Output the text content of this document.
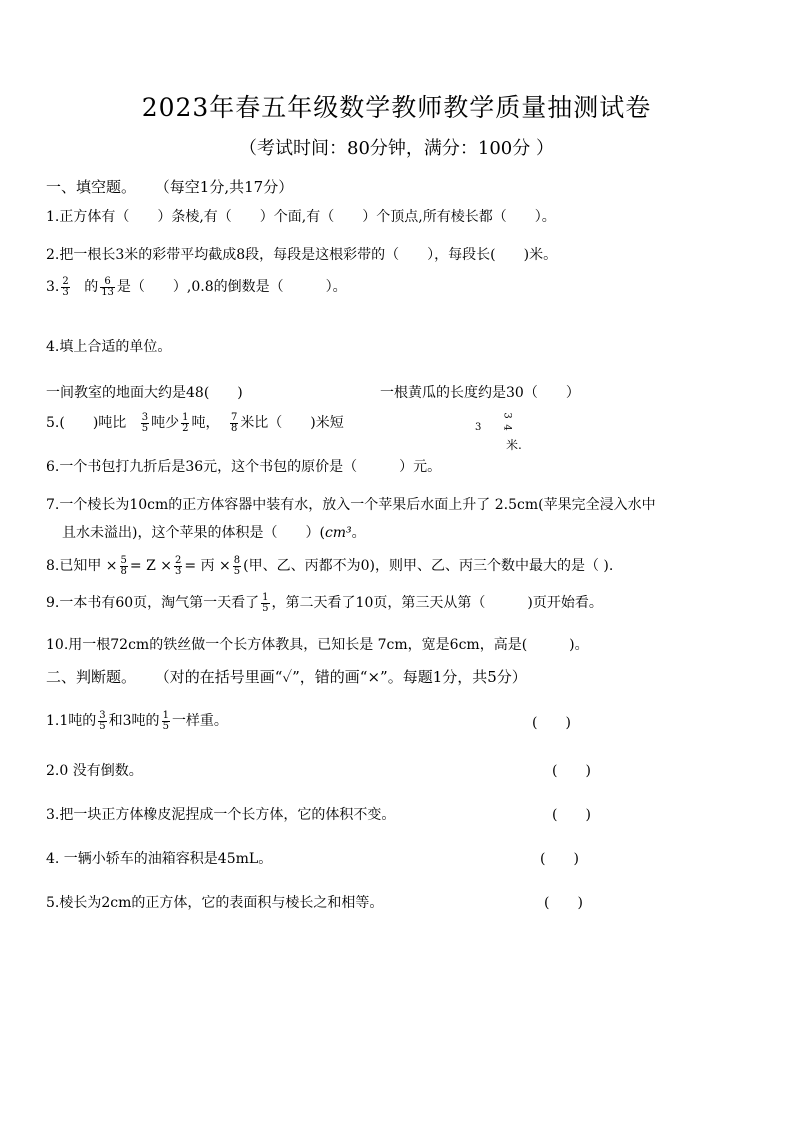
2023年春五年级数学教师教学质量抽测试卷
（考试时间：80分钟，满分：100分 ）
一、填空题。 （每空1分,共17分）
1.正方体有（　　）条棱,有（　　）个面,有（　　）个顶点,所有棱长都（　　）。
2.把一根长3米的彩带平均截成8段，每段是这根彩带的（　　），每段长(　　)米。
3. $\frac{2}{3}$ 的 $\frac{6}{13}$ 是（　　）,0.8的倒数是（　　　）。
4.填上合适的单位。
一间教室的地面大约是48(　　)	一根黄瓜的长度约是30（　　）
5.(　　)吨比 $\frac{3}{5}$ 吨少 $\frac{1}{2}$ 吨， $\frac{7}{8}$ 米比（　　)米短	3
3
4
米.
6.一个书包打九折后是36元，这个书包的原价是（　　　）元。
7.一个棱长为10cm的正方体容器中装有水，放入一个苹果后水面上升了 2.5cm(苹果完全浸入水中
且水未溢出)，这个苹果的体积是（　　）(cm³。
8.已知甲 × $\frac{5}{8} = Z \times \frac{2}{3}$ = 丙 × $\frac{8}{5}$ (甲、乙、丙都不为0)，则甲、乙、丙三个数中最大的是（ ).
9.一本书有60页，淘气第一天看了 $\frac{1}{5}$ ，第二天看了10页，第三天从第（　　　)页开始看。
10.用一根72cm的铁丝做一个长方体教具，已知长是 7cm，宽是6cm，高是(　　　)。
二、判断题。 （对的在括号里画“✓”，错的画“×”。每题1分，共5分）
1.1吨的 $\frac{3}{5}$ 和3吨的 $\frac{1}{5}$ 一样重。	(　　)
2.0 没有倒数。	(　　)
3.把一块正方体橡皮泥捏成一个长方体，它的体积不变。	(　　)
4. 一辆小轿车的油箱容积是45mL。	(　　)
5.棱长为2cm的正方体，它的表面积与棱长之和相等。	(　　)
